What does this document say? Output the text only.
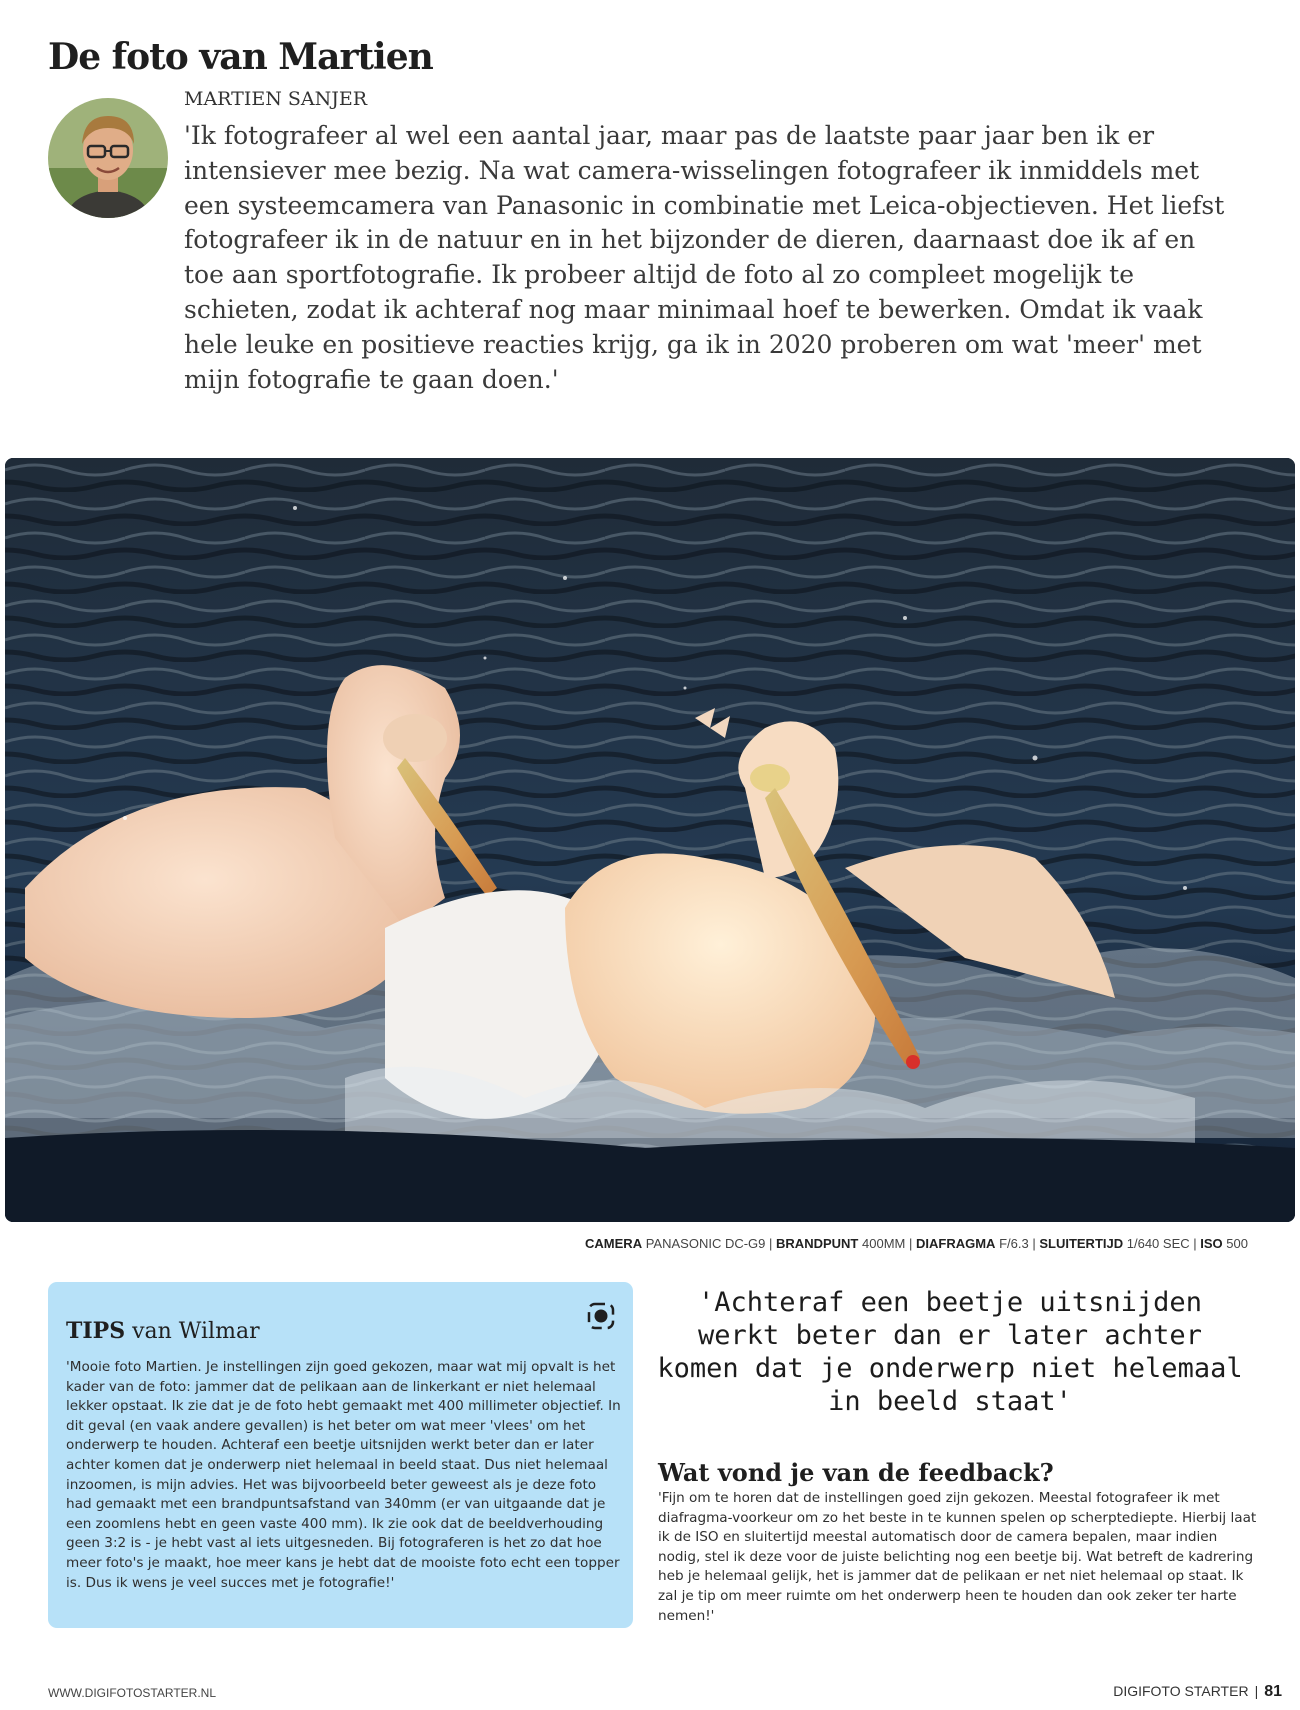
De foto van Martien
MARTIEN SANJER

'Ik fotografeer al wel een aantal jaar, maar pas de laatste paar jaar ben ik er intensiever mee bezig. Na wat camera-wisselingen fotografeer ik inmiddels met een systeemcamera van Panasonic in combinatie met Leica-objectieven. Het liefst fotografeer ik in de natuur en in het bijzonder de dieren, daarnaast doe ik af en toe aan sportfotografie. Ik probeer altijd de foto al zo compleet mogelijk te schieten, zodat ik achteraf nog maar minimaal hoef te bewerken. Omdat ik vaak hele leuke en positieve reacties krijg, ga ik in 2020 proberen om wat 'meer' met mijn fotografie te gaan doen.'

CAMERA PANASONIC DC-G9 | BRANDPUNT 400MM | DIAFRAGMA F/6.3 | SLUITERTIJD 1/640 SEC | ISO 500
TIPS van Wilmar

'Mooie foto Martien. Je instellingen zijn goed gekozen, maar wat mij opvalt is het kader van de foto: jammer dat de pelikaan aan de linkerkant er niet helemaal lekker opstaat. Ik zie dat je de foto hebt gemaakt met 400 millimeter objectief. In dit geval (en vaak andere gevallen) is het beter om wat meer 'vlees' om het onderwerp te houden. Achteraf een beetje uitsnijden werkt beter dan er later achter komen dat je onderwerp niet helemaal in beeld staat. Dus niet helemaal inzoomen, is mijn advies. Het was bijvoorbeeld beter geweest als je deze foto had gemaakt met een brandpuntsafstand van 340mm (er van uitgaande dat je een zoomlens hebt en geen vaste 400 mm). Ik zie ook dat de beeldverhouding geen 3:2 is - je hebt vast al iets uitgesneden. Bij fotograferen is het zo dat hoe meer foto's je maakt, hoe meer kans je hebt dat de mooiste foto echt een topper is. Dus ik wens je veel succes met je fotografie!'

'Achteraf een beetje uitsnijden werkt beter dan er later achter komen dat je onderwerp niet helemaal in beeld staat'

Wat vond je van de feedback?

'Fijn om te horen dat de instellingen goed zijn gekozen. Meestal fotografeer ik met diafragma-voorkeur om zo het beste in te kunnen spelen op scherptediepte. Hierbij laat ik de ISO en sluitertijd meestal automatisch door de camera bepalen, maar indien nodig, stel ik deze voor de juiste belichting nog een beetje bij. Wat betreft de kadrering heb je helemaal gelijk, het is jammer dat de pelikaan er net niet helemaal op staat. Ik zal je tip om meer ruimte om het onderwerp heen te houden dan ook zeker ter harte nemen!'

WWW.DIGIFOTOSTARTER.NL	DIGIFOTO STARTER | 81
